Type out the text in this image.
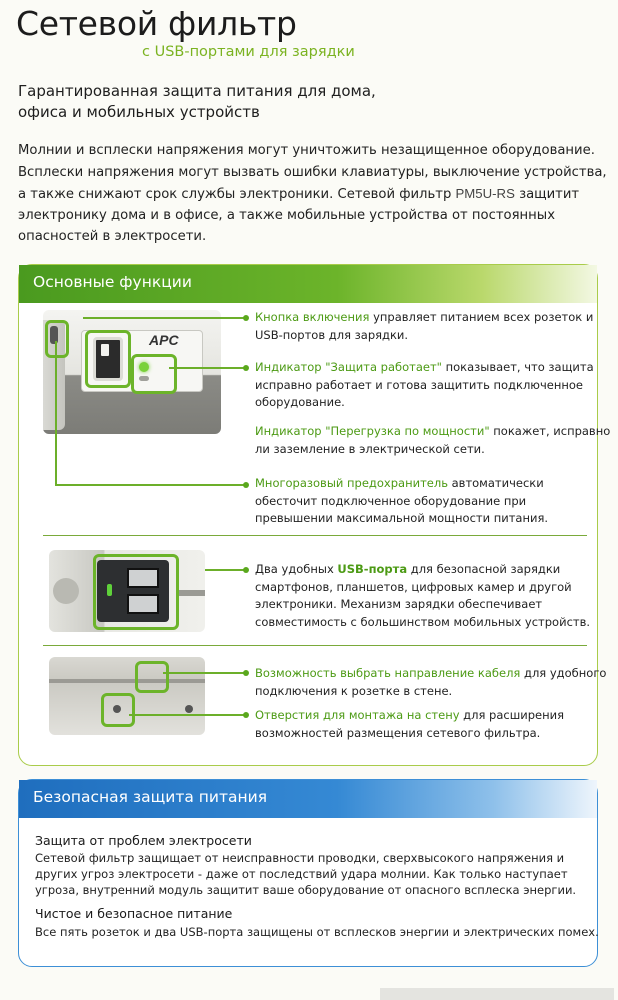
Сетевой фильтр
с USB-портами для зарядки
Гарантированная защита питания для дома,
офиса и мобильных устройств
Молнии и всплески напряжения могут уничтожить незащищенное оборудование.
Всплески напряжения могут вызвать ошибки клавиатуры, выключение устройства,
а также снижают срок службы электроники. Сетевой фильтр PM5U-RS защитит
электронику дома и в офисе, а также мобильные устройства от постоянных
опасностей в электросети.
Основные функции
APC
Кнопка включения управляет питанием всех розеток и
USB-портов для зарядки.
Индикатор "Защита работает" показывает, что защита
исправно работает и готова защитить подключенное
оборудование.
Индикатор "Перегрузка по мощности" покажет, исправно
ли заземление в электрической сети.
Многоразовый предохранитель автоматически
обесточит подключенное оборудование при
превышении максимальной мощности питания.
Два удобных USB-порта для безопасной зарядки
смартфонов, планшетов, цифровых камер и другой
электроники. Механизм зарядки обеспечивает
совместимость с большинством мобильных устройств.
Возможность выбрать направление кабеля для удобного
подключения к розетке в стене.
Отверстия для монтажа на стену для расширения
возможностей размещения сетевого фильтра.
Безопасная защита питания
Защита от проблем электросети
Сетевой фильтр защищает от неисправности проводки, сверхвысокого напряжения и
других угроз электросети - даже от последствий удара молнии. Как только наступает
угроза, внутренний модуль защитит ваше оборудование от опасного всплеска энергии.
Чистое и безопасное питание
Все пять розеток и два USB-порта защищены от всплесков энергии и электрических помех.
